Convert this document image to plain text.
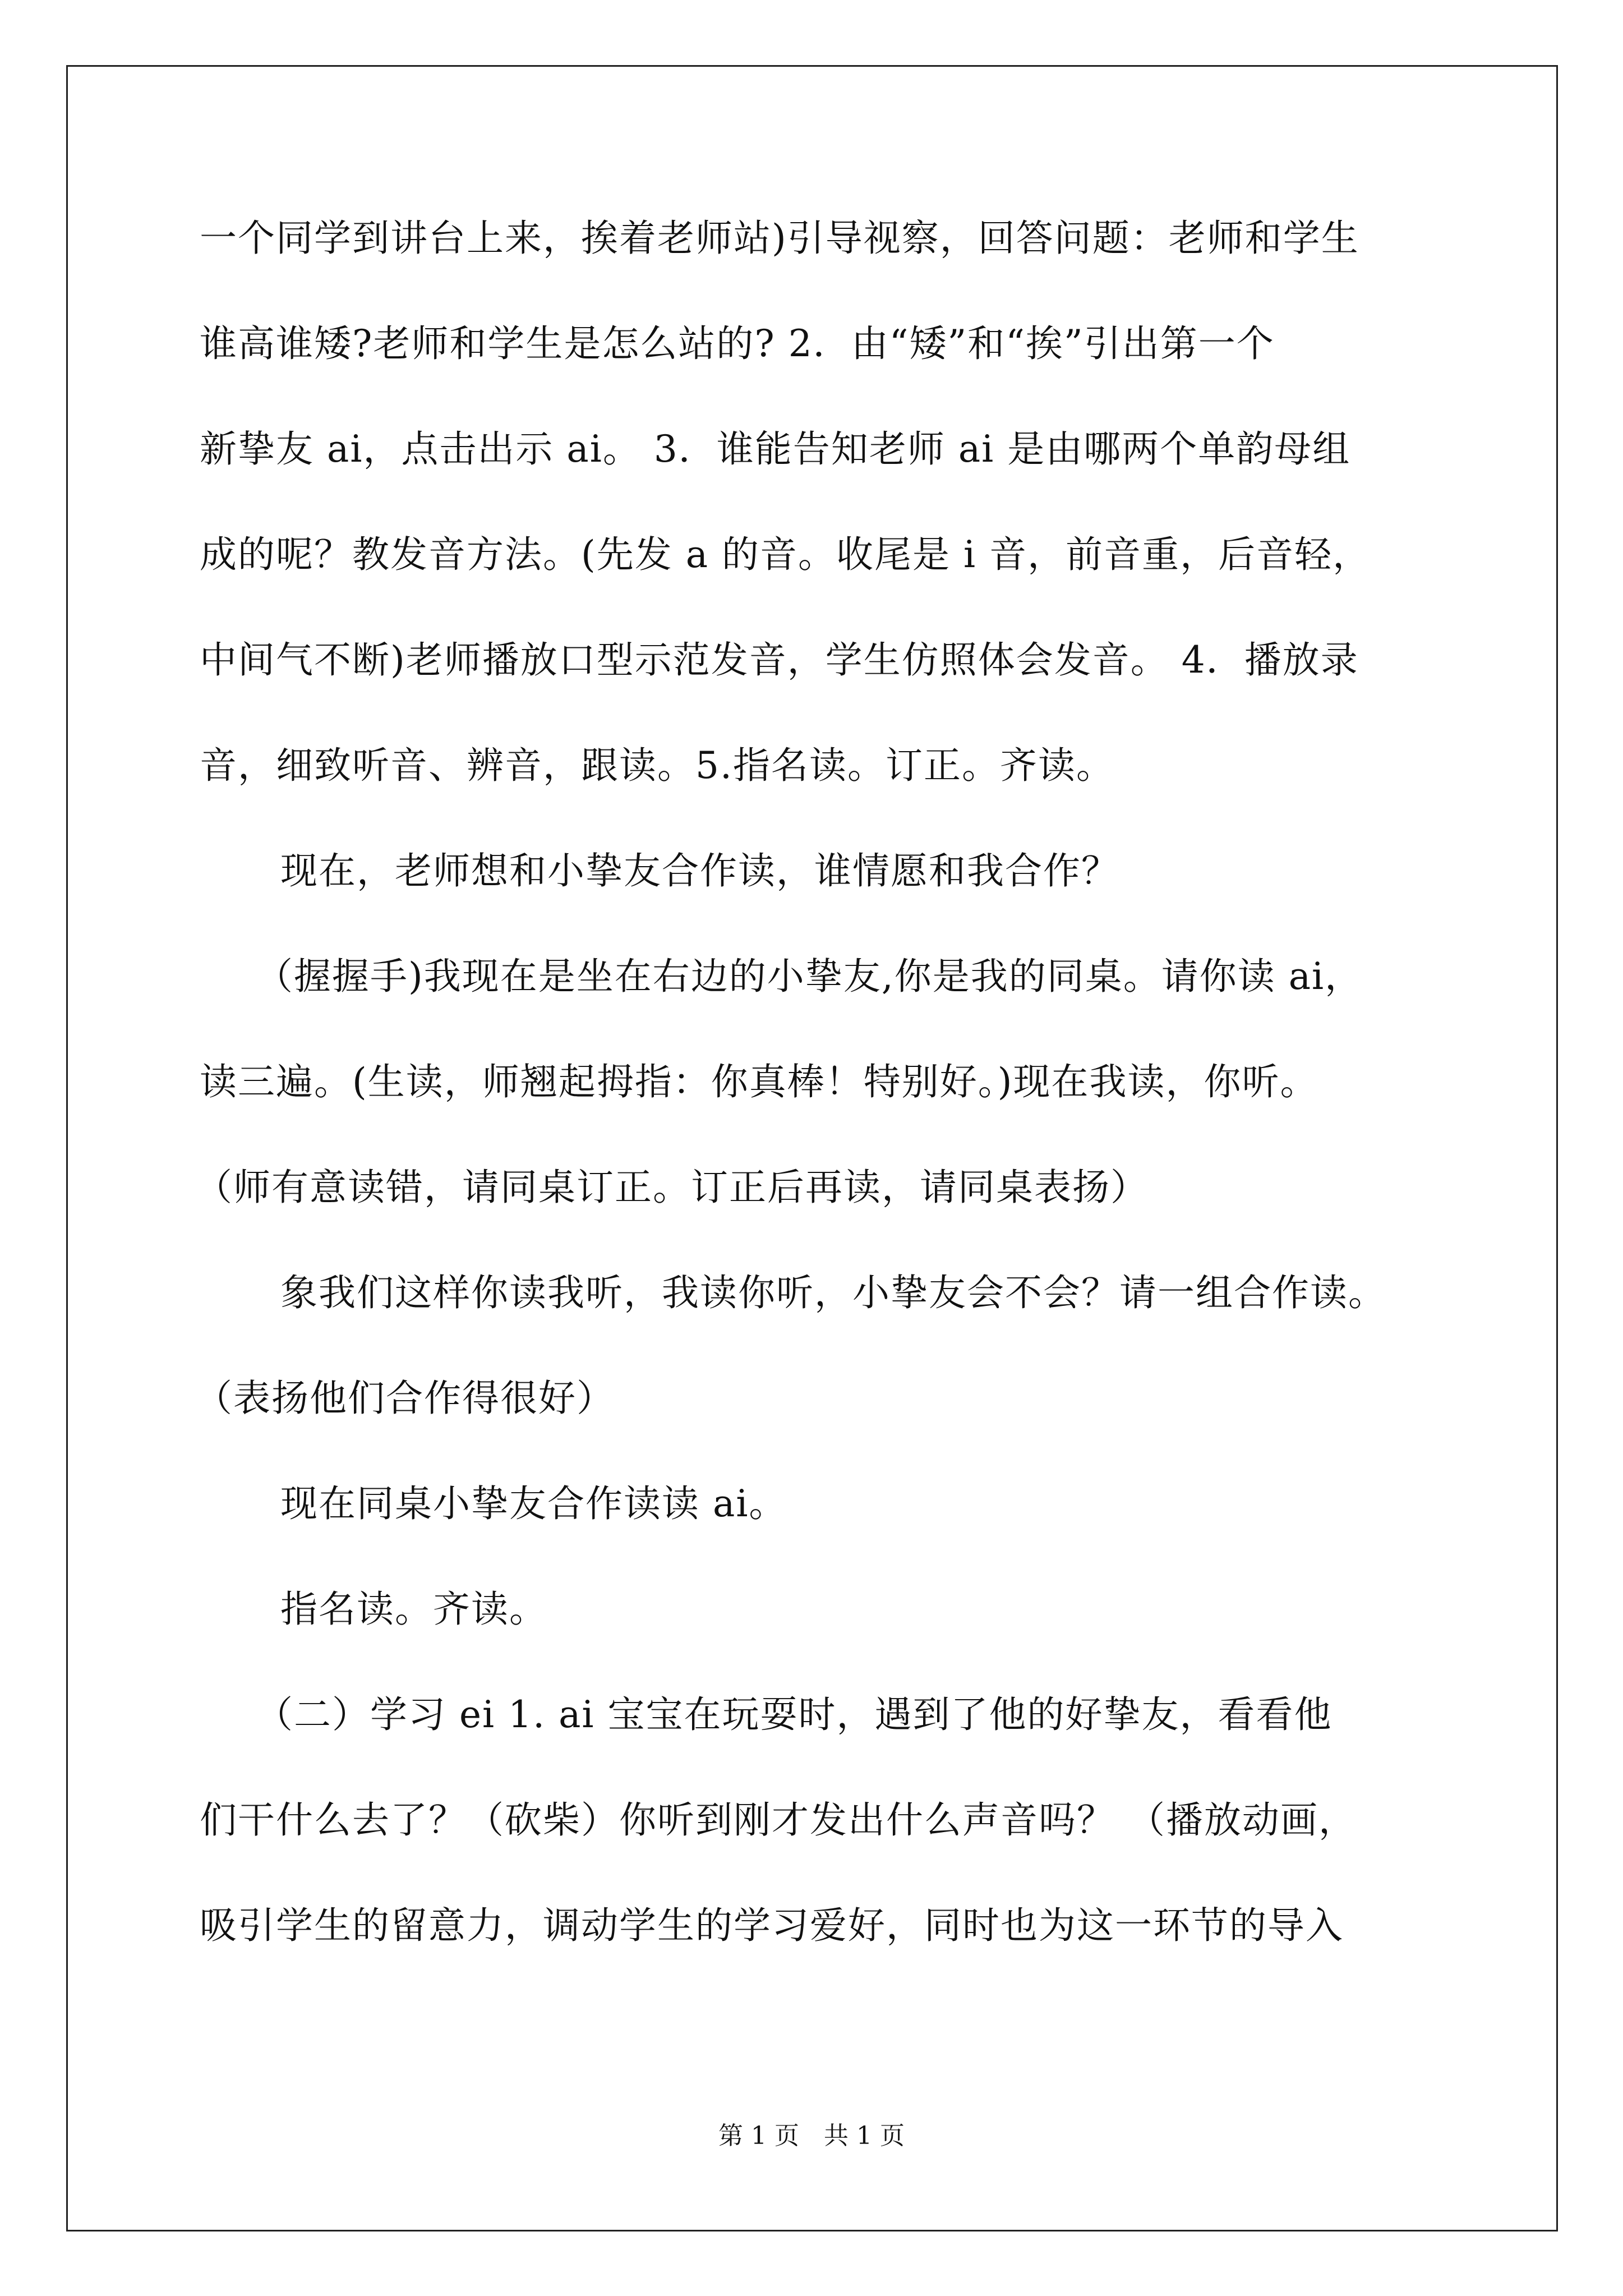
一个同学到讲台上来，挨着老师站)引导视察，回答问题：老师和学生
谁高谁矮?老师和学生是怎么站的? 2．由“矮”和“挨”引出第一个
新挚友 ai，点击出示 ai。 3．谁能告知老师 ai 是由哪两个单韵母组
成的呢？教发音方法。(先发 a 的音。收尾是 i 音，前音重，后音轻，
中间气不断)老师播放口型示范发音，学生仿照体会发音。 4．播放录
音，细致听音、辨音，跟读。5.指名读。订正。齐读。
现在，老师想和小挚友合作读，谁情愿和我合作？
（握握手)我现在是坐在右边的小挚友,你是我的同桌。请你读 ai，
读三遍。(生读，师翘起拇指：你真棒！特别好。)现在我读，你听。
（师有意读错，请同桌订正。订正后再读，请同桌表扬）
象我们这样你读我听，我读你听，小挚友会不会？请一组合作读。
（表扬他们合作得很好）
现在同桌小挚友合作读读 ai。
指名读。齐读。
（二）学习 ei 1. ai 宝宝在玩耍时，遇到了他的好挚友，看看他
们干什么去了？（砍柴）你听到刚才发出什么声音吗？ （播放动画，
吸引学生的留意力，调动学生的学习爱好，同时也为这一环节的导入
第 1 页　共 1 页
